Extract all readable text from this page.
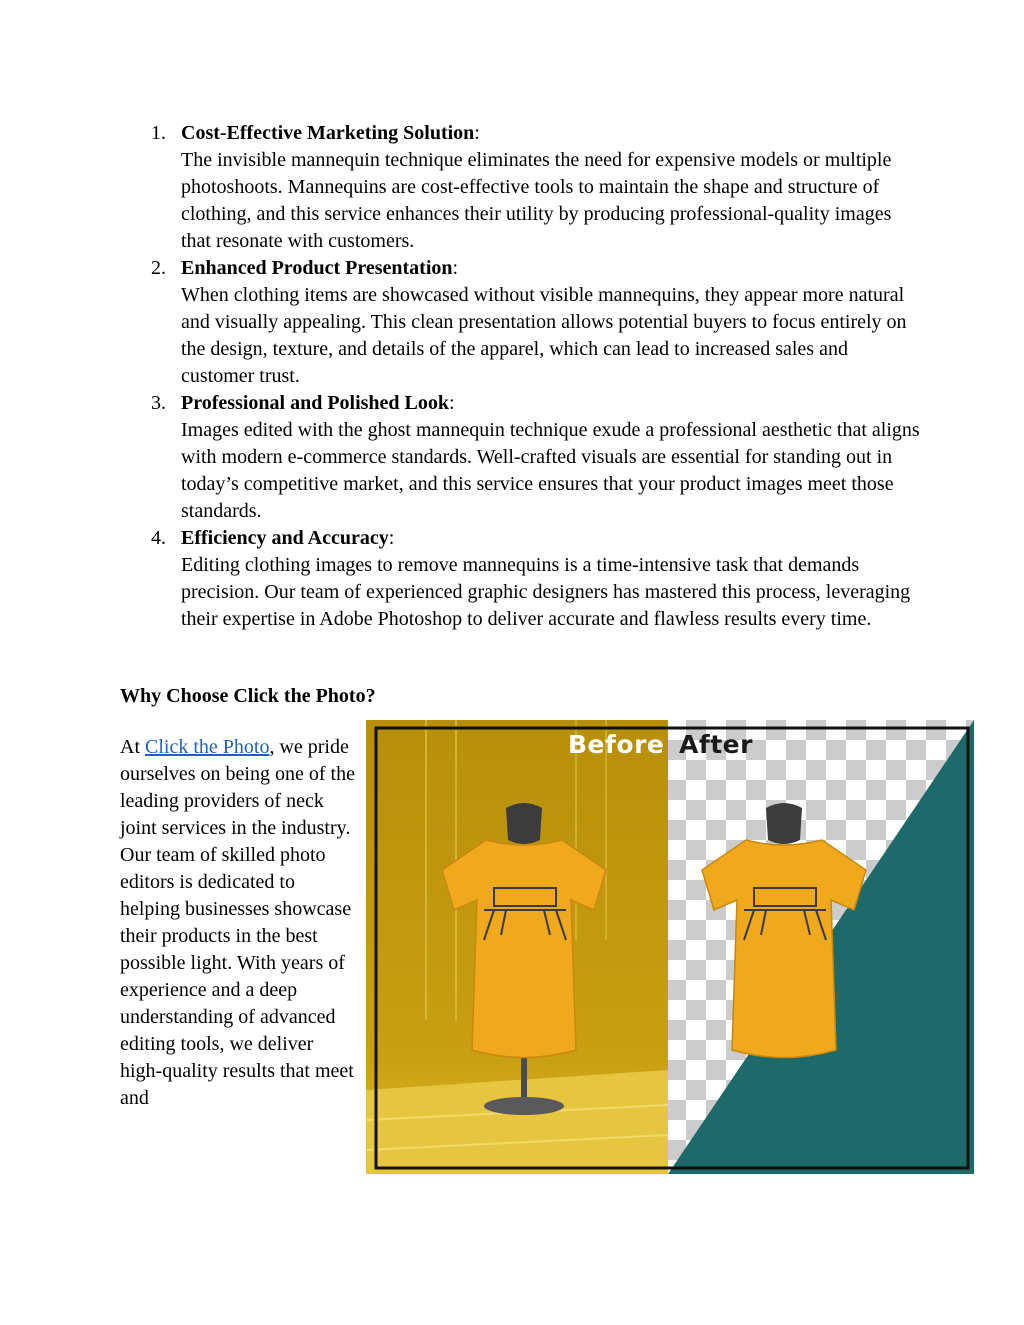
1. Cost-Effective Marketing Solution:
The invisible mannequin technique eliminates the need for expensive models or multiple photoshoots. Mannequins are cost-effective tools to maintain the shape and structure of clothing, and this service enhances their utility by producing professional-quality images that resonate with customers.
2. Enhanced Product Presentation:
When clothing items are showcased without visible mannequins, they appear more natural and visually appealing. This clean presentation allows potential buyers to focus entirely on the design, texture, and details of the apparel, which can lead to increased sales and customer trust.
3. Professional and Polished Look:
Images edited with the ghost mannequin technique exude a professional aesthetic that aligns with modern e-commerce standards. Well-crafted visuals are essential for standing out in today’s competitive market, and this service ensures that your product images meet those standards.
4. Efficiency and Accuracy:
Editing clothing images to remove mannequins is a time-intensive task that demands precision. Our team of experienced graphic designers has mastered this process, leveraging their expertise in Adobe Photoshop to deliver accurate and flawless results every time.
Why Choose Click the Photo?

At Click the Photo, we pride ourselves on being one of the leading providers of neck joint services in the industry. Our team of skilled photo editors is dedicated to helping businesses showcase their products in the best possible light. With years of experience and a deep understanding of advanced editing tools, we deliver high-quality results that meet and

Before After
